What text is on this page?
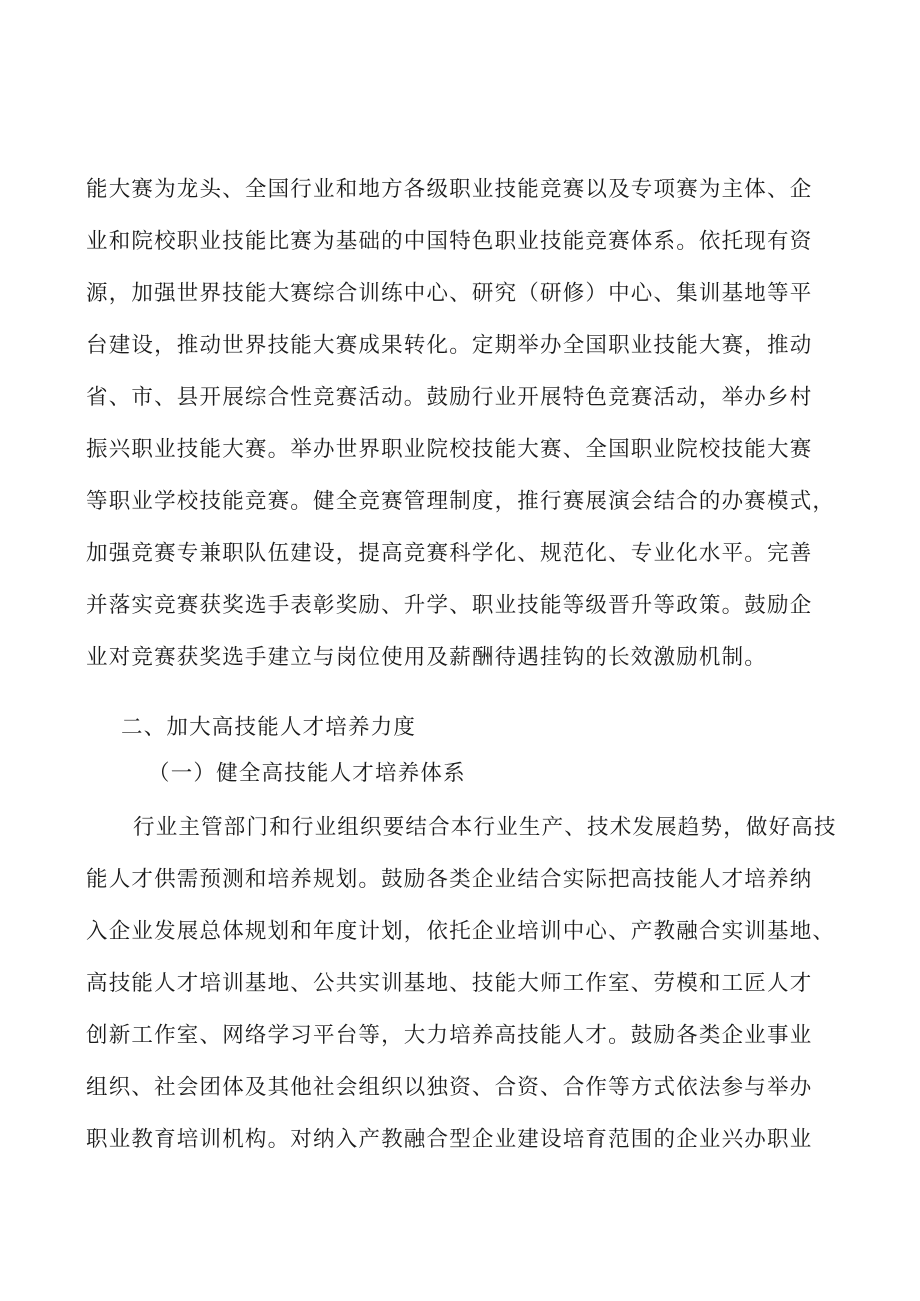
能大赛为龙头、全国行业和地方各级职业技能竞赛以及专项赛为主体、企
业和院校职业技能比赛为基础的中国特色职业技能竞赛体系。依托现有资
源，加强世界技能大赛综合训练中心、研究（研修）中心、集训基地等平
台建设，推动世界技能大赛成果转化。定期举办全国职业技能大赛，推动
省、市、县开展综合性竞赛活动。鼓励行业开展特色竞赛活动，举办乡村
振兴职业技能大赛。举办世界职业院校技能大赛、全国职业院校技能大赛
等职业学校技能竞赛。健全竞赛管理制度，推行赛展演会结合的办赛模式，
加强竞赛专兼职队伍建设，提高竞赛科学化、规范化、专业化水平。完善
并落实竞赛获奖选手表彰奖励、升学、职业技能等级晋升等政策。鼓励企
业对竞赛获奖选手建立与岗位使用及薪酬待遇挂钩的长效激励机制。
二、加大高技能人才培养力度
（一）健全高技能人才培养体系
行业主管部门和行业组织要结合本行业生产、技术发展趋势，做好高技
能人才供需预测和培养规划。鼓励各类企业结合实际把高技能人才培养纳
入企业发展总体规划和年度计划，依托企业培训中心、产教融合实训基地、
高技能人才培训基地、公共实训基地、技能大师工作室、劳模和工匠人才
创新工作室、网络学习平台等，大力培养高技能人才。鼓励各类企业事业
组织、社会团体及其他社会组织以独资、合资、合作等方式依法参与举办
职业教育培训机构。对纳入产教融合型企业建设培育范围的企业兴办职业
